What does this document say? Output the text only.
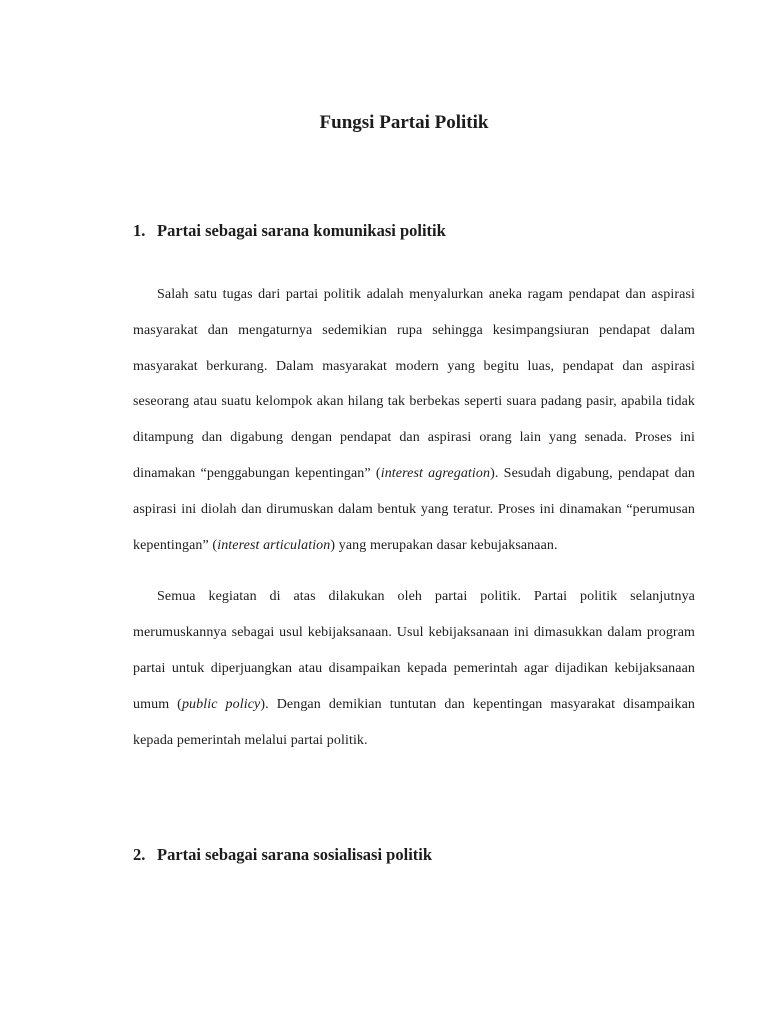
Fungsi Partai Politik
1. Partai sebagai sarana komunikasi politik

Salah satu tugas dari partai politik adalah menyalurkan aneka ragam pendapat dan aspirasi masyarakat dan mengaturnya sedemikian rupa sehingga kesimpangsiuran pendapat dalam masyarakat berkurang. Dalam masyarakat modern yang begitu luas, pendapat dan aspirasi seseorang atau suatu kelompok akan hilang tak berbekas seperti suara padang pasir, apabila tidak ditampung dan digabung dengan pendapat dan aspirasi orang lain yang senada. Proses ini dinamakan “penggabungan kepentingan” (interest agregation). Sesudah digabung, pendapat dan aspirasi ini diolah dan dirumuskan dalam bentuk yang teratur. Proses ini dinamakan “perumusan kepentingan” (interest articulation) yang merupakan dasar kebujaksanaan.

Semua kegiatan di atas dilakukan oleh partai politik. Partai politik selanjutnya merumuskannya sebagai usul kebijaksanaan. Usul kebijaksanaan ini dimasukkan dalam program partai untuk diperjuangkan atau disampaikan kepada pemerintah agar dijadikan kebijaksanaan umum (public policy). Dengan demikian tuntutan dan kepentingan masyarakat disampaikan kepada pemerintah melalui partai politik.

2. Partai sebagai sarana sosialisasi politik
